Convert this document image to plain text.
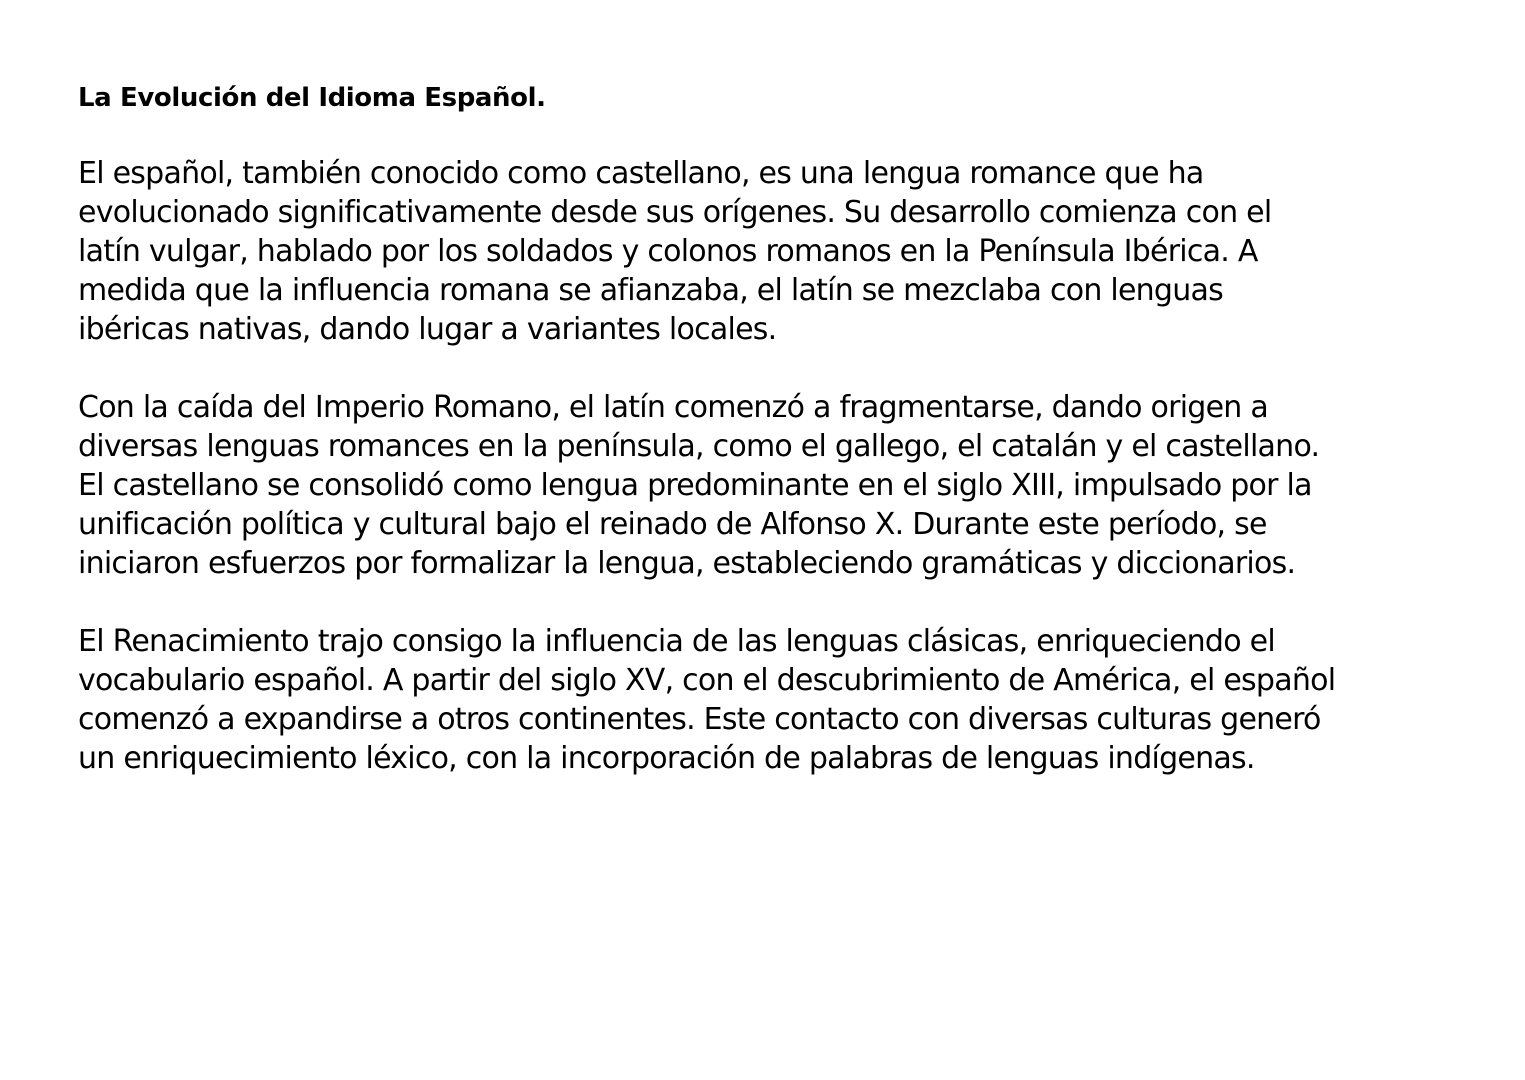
La Evolución del Idioma Español.

El español, también conocido como castellano, es una lengua romance que ha
evolucionado significativamente desde sus orígenes. Su desarrollo comienza con el
latín vulgar, hablado por los soldados y colonos romanos en la Península Ibérica. A
medida que la influencia romana se afianzaba, el latín se mezclaba con lenguas
ibéricas nativas, dando lugar a variantes locales.

Con la caída del Imperio Romano, el latín comenzó a fragmentarse, dando origen a
diversas lenguas romances en la península, como el gallego, el catalán y el castellano.
El castellano se consolidó como lengua predominante en el siglo XIII, impulsado por la
unificación política y cultural bajo el reinado de Alfonso X. Durante este período, se
iniciaron esfuerzos por formalizar la lengua, estableciendo gramáticas y diccionarios.

El Renacimiento trajo consigo la influencia de las lenguas clásicas, enriqueciendo el
vocabulario español. A partir del siglo XV, con el descubrimiento de América, el español
comenzó a expandirse a otros continentes. Este contacto con diversas culturas generó
un enriquecimiento léxico, con la incorporación de palabras de lenguas indígenas.
